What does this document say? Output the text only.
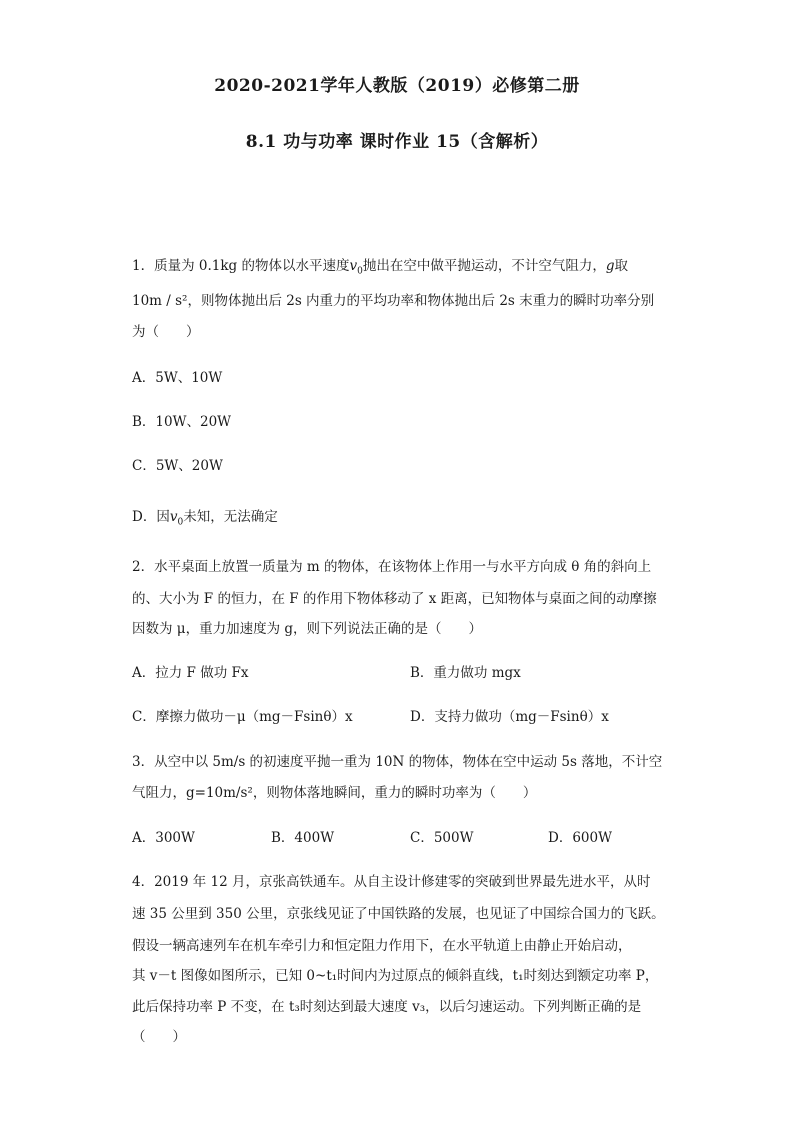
2020-2021学年人教版（2019）必修第二册
8.1 功与功率 课时作业 15（含解析）
1．质量为 0.1kg 的物体以水平速度$v_0$抛出在空中做平抛运动，不计空气阻力，g取
10m / s²，则物体抛出后 2s 内重力的平均功率和物体抛出后 2s 末重力的瞬时功率分别
为（　　）
A．5W、10W
B．10W、20W
C．5W、20W
D．因$v_0$未知，无法确定
2．水平桌面上放置一质量为 m 的物体，在该物体上作用一与水平方向成 θ 角的斜向上
的、大小为 F 的恒力，在 F 的作用下物体移动了 x 距离，已知物体与桌面之间的动摩擦
因数为 μ，重力加速度为 g，则下列说法正确的是（　　）
A．拉力 F 做功 Fx	B．重力做功 mgx
C．摩擦力做功－μ（mg－Fsinθ）x	D．支持力做功（mg－Fsinθ）x
3．从空中以 5m/s 的初速度平抛一重为 10N 的物体，物体在空中运动 5s 落地，不计空
气阻力，g=10m/s²，则物体落地瞬间，重力的瞬时功率为（　　）
A．300W	B．400W	C．500W	D．600W
4．2019 年 12 月，京张高铁通车。从自主设计修建零的突破到世界最先进水平，从时
速 35 公里到 350 公里，京张线见证了中国铁路的发展，也见证了中国综合国力的飞跃。
假设一辆高速列车在机车牵引力和恒定阻力作用下，在水平轨道上由静止开始启动，
其 v－t 图像如图所示，已知 0~t₁时间内为过原点的倾斜直线，t₁时刻达到额定功率 P，
此后保持功率 P 不变，在 t₃时刻达到最大速度 v₃，以后匀速运动。下列判断正确的是
（　　）
